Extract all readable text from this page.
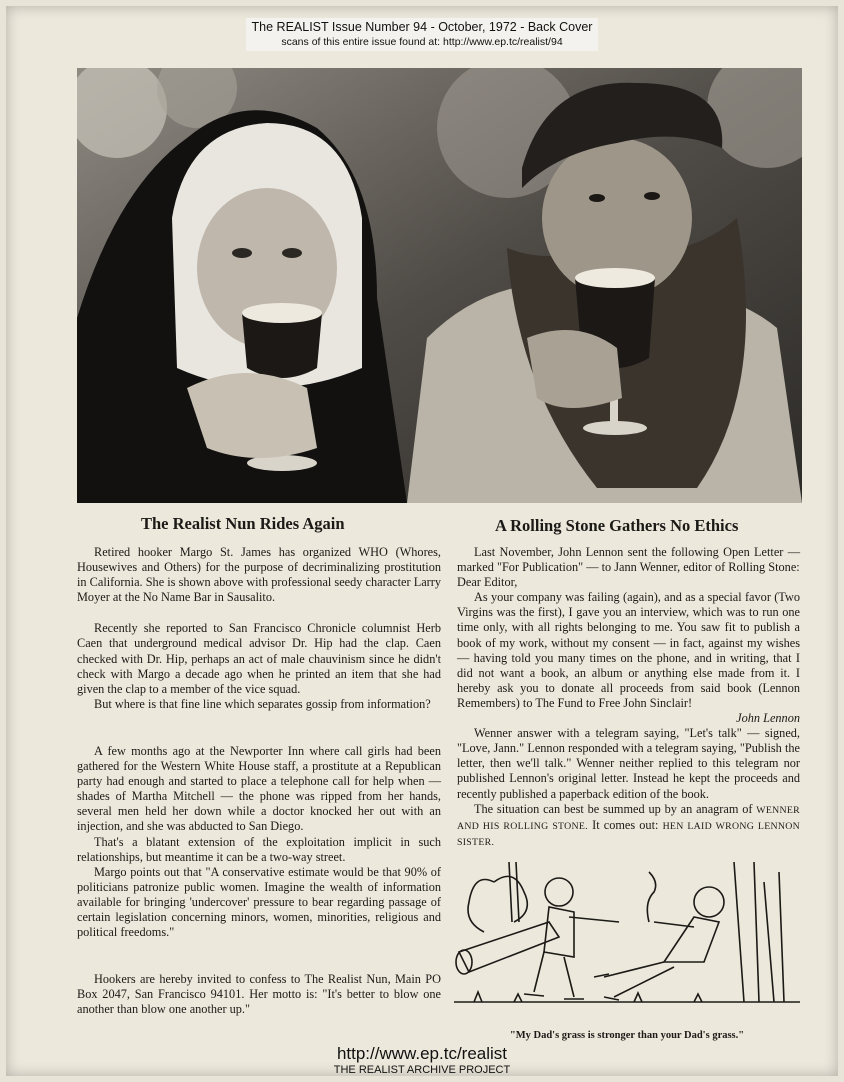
The REALIST Issue Number 94 - October, 1972 - Back Cover
scans of this entire issue found at: http://www.ep.tc/realist/94
The Realist Nun Rides Again

Retired hooker Margo St. James has organized WHO (Whores, Housewives and Others) for the purpose of decriminalizing prostitution in California. She is shown above with professional seedy character Larry Moyer at the No Name Bar in Sausalito.

Recently she reported to San Francisco Chronicle columnist Herb Caen that underground medical advisor Dr. Hip had the clap. Caen checked with Dr. Hip, perhaps an act of male chauvinism since he didn't check with Margo a decade ago when he printed an item that she had given the clap to a member of the vice squad.

But where is that fine line which separates gossip from information?

A few months ago at the Newporter Inn where call girls had been gathered for the Western White House staff, a prostitute at a Republican party had enough and started to place a telephone call for help when — shades of Martha Mitchell — the phone was ripped from her hands, several men held her down while a doctor knocked her out with an injection, and she was abducted to San Diego.

That's a blatant extension of the exploitation implicit in such relationships, but meantime it can be a two-way street.

Margo points out that "A conservative estimate would be that 90% of politicians patronize public women. Imagine the wealth of information available for bringing 'undercover' pressure to bear regarding passage of certain legislation concerning minors, women, minorities, religious and political freedoms."

Hookers are hereby invited to confess to The Realist Nun, Main PO Box 2047, San Francisco 94101. Her motto is: "It's better to blow one another than blow one another up."

A Rolling Stone Gathers No Ethics

Last November, John Lennon sent the following Open Letter — marked "For Publication" — to Jann Wenner, editor of Rolling Stone:

Dear Editor,

As your company was failing (again), and as a special favor (Two Virgins was the first), I gave you an interview, which was to run one time only, with all rights belonging to me. You saw fit to publish a book of my work, without my consent — in fact, against my wishes — having told you many times on the phone, and in writing, that I did not want a book, an album or anything else made from it. I hereby ask you to donate all proceeds from said book (Lennon Remembers) to The Fund to Free John Sinclair!

John Lennon

Wenner answer with a telegram saying, "Let's talk" — signed, "Love, Jann." Lennon responded with a telegram saying, "Publish the letter, then we'll talk." Wenner neither replied to this telegram nor published Lennon's original letter. Instead he kept the proceeds and recently published a paperback edition of the book.

The situation can best be summed up by an anagram of WENNER AND HIS ROLLING STONE. It comes out: HEN LAID WRONG LENNON SISTER.

"My Dad's grass is stronger than your Dad's grass."
http://www.ep.tc/realist
THE REALIST ARCHIVE PROJECT
